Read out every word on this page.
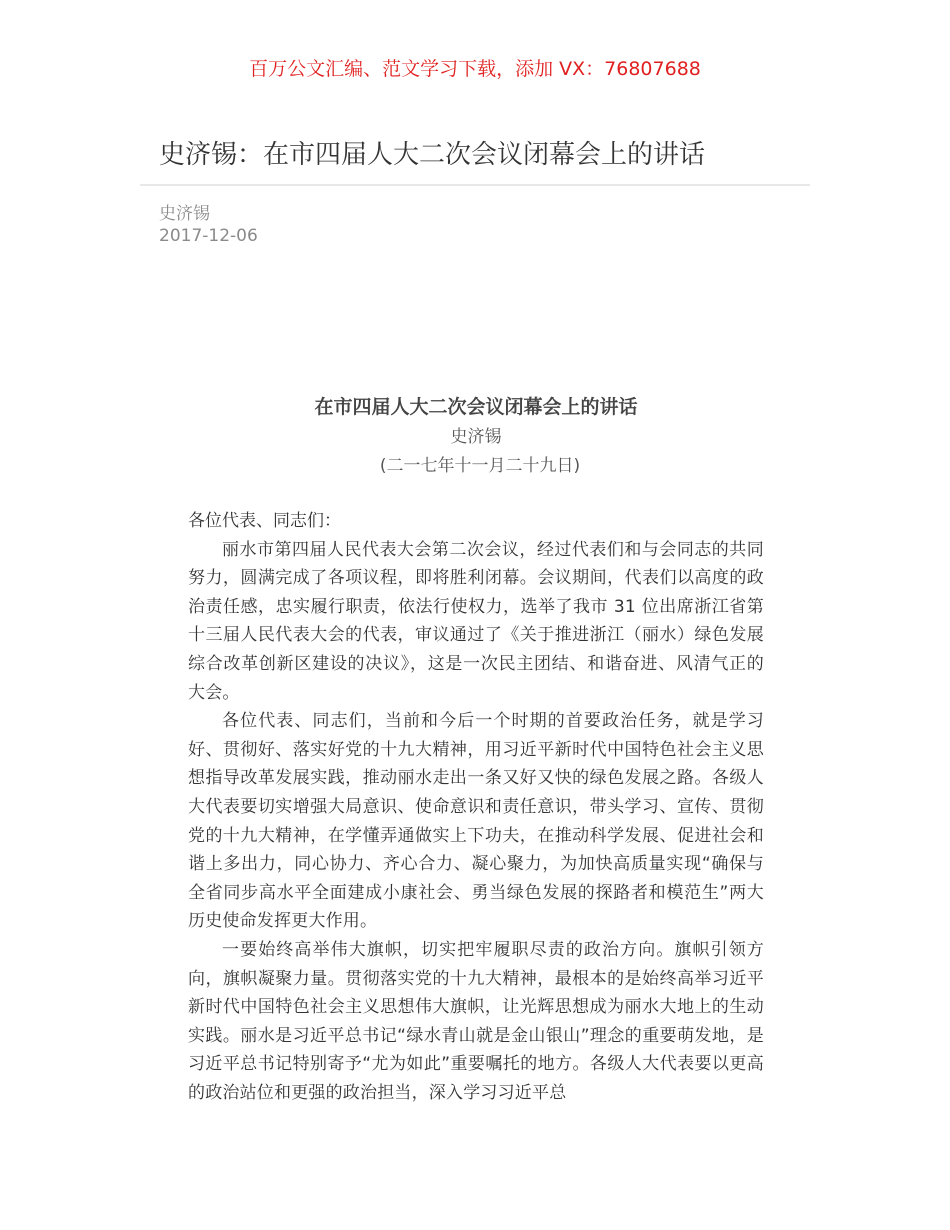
百万公文汇编、范文学习下载，添加 VX：76807688
史济锡：在市四届人大二次会议闭幕会上的讲话
史济锡
2017-12-06
在市四届人大二次会议闭幕会上的讲话
史济锡
(二一七年十一月二十九日)
各位代表、同志们：

丽水市第四届人民代表大会第二次会议，经过代表们和与会同志的共同努力，圆满完成了各项议程，即将胜利闭幕。会议期间，代表们以高度的政治责任感，忠实履行职责，依法行使权力，选举了我市 31 位出席浙江省第十三届人民代表大会的代表，审议通过了《关于推进浙江（丽水）绿色发展综合改革创新区建设的决议》，这是一次民主团结、和谐奋进、风清气正的大会。

各位代表、同志们，当前和今后一个时期的首要政治任务，就是学习好、贯彻好、落实好党的十九大精神，用习近平新时代中国特色社会主义思想指导改革发展实践，推动丽水走出一条又好又快的绿色发展之路。各级人大代表要切实增强大局意识、使命意识和责任意识，带头学习、宣传、贯彻党的十九大精神，在学懂弄通做实上下功夫，在推动科学发展、促进社会和谐上多出力，同心协力、齐心合力、凝心聚力，为加快高质量实现“确保与全省同步高水平全面建成小康社会、勇当绿色发展的探路者和模范生”两大历史使命发挥更大作用。

一要始终高举伟大旗帜，切实把牢履职尽责的政治方向。旗帜引领方向，旗帜凝聚力量。贯彻落实党的十九大精神，最根本的是始终高举习近平新时代中国特色社会主义思想伟大旗帜，让光辉思想成为丽水大地上的生动实践。丽水是习近平总书记“绿水青山就是金山银山”理念的重要萌发地，是习近平总书记特别寄予“尤为如此”重要嘱托的地方。各级人大代表要以更高的政治站位和更强的政治担当，深入学习习近平总
